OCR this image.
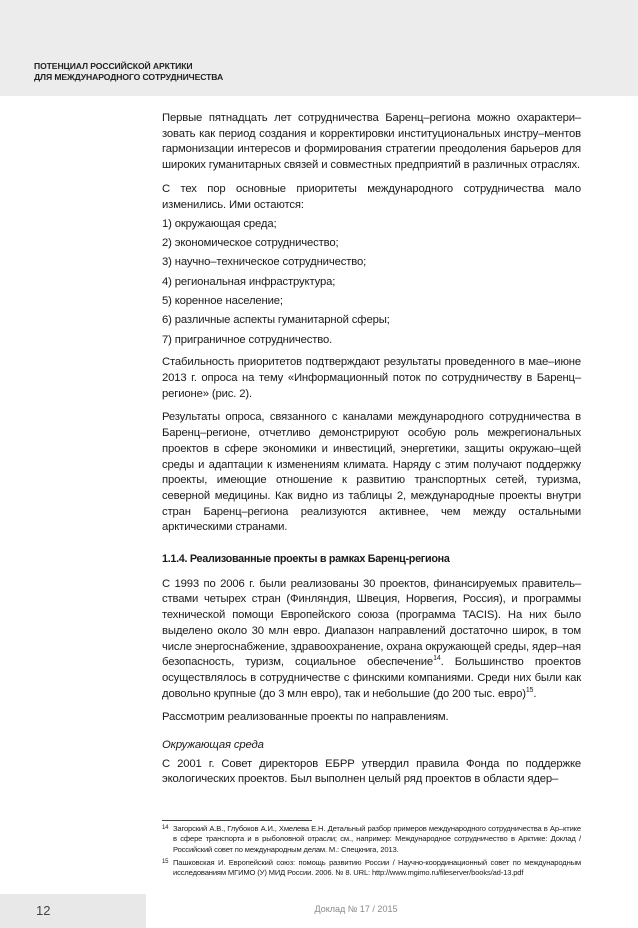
ПОТЕНЦИАЛ РОССИЙСКОЙ АРКТИКИ
ДЛЯ МЕЖДУНАРОДНОГО СОТРУДНИЧЕСТВА

Первые пятнадцать лет сотрудничества Баренц–региона можно охарактери–зовать как период создания и корректировки институциональных инстру–ментов гармонизации интересов и формирования стратегии преодоления барьеров для широких гуманитарных связей и совместных предприятий в различных отраслях.

С тех пор основные приоритеты международного сотрудничества мало изменились. Ими остаются:

1) окружающая среда;
2) экономическое сотрудничество;
3) научно–техническое сотрудничество;
4) региональная инфраструктура;
5) коренное население;
6) различные аспекты гуманитарной сферы;
7) приграничное сотрудничество.

Стабильность приоритетов подтверждают результаты проведенного в мае–июне 2013 г. опроса на тему «Информационный поток по сотрудничеству в Баренц–регионе» (рис. 2).

Результаты опроса, связанного с каналами международного сотрудничества в Баренц–регионе, отчетливо демонстрируют особую роль межрегиональных проектов в сфере экономики и инвестиций, энергетики, защиты окружаю–щей среды и адаптации к изменениям климата. Наряду с этим получают поддержку проекты, имеющие отношение к развитию транспортных сетей, туризма, северной медицины. Как видно из таблицы 2, международные проекты внутри стран Баренц–региона реализуются активнее, чем между остальными арктическими странами.

1.1.4. Реализованные проекты в рамках Баренц-региона

С 1993 по 2006 г. были реализованы 30 проектов, финансируемых правитель–ствами четырех стран (Финляндия, Швеция, Норвегия, Россия), и программы технической помощи Европейского союза (программа TACIS). На них было выделено около 30 млн евро. Диапазон направлений достаточно широк, в том числе энергоснабжение, здравоохранение, охрана окружающей среды, ядер–ная безопасность, туризм, социальное обеспечение$^{14}$. Большинство проектов осуществлялось в сотрудничестве с финскими компаниями. Среди них были как довольно крупные (до 3 млн евро), так и небольшие (до 200 тыс. евро)$^{15}$.

Рассмотрим реализованные проекты по направлениям.

Окружающая среда

С 2001 г. Совет директоров ЕБРР утвердил правила Фонда по поддержке экологических проектов. Был выполнен целый ряд проектов в области ядер–

14 Загорский А.В., Глубоков А.И., Хмелева Е.Н. Детальный разбор примеров международного сотрудничества в Ар–ктике в сфере транспорта и в рыболовной отрасли; см., например: Международное сотрудничество в Арктике: Доклад / Российский совет по международным делам. М.: Спецкнига, 2013.
15 Пашковская И. Европейский союз: помощь развитию России / Научно-координационный совет по международным исследованиям МГИМО (У) МИД России. 2006. № 8. URL: http://www.mgimo.ru/fileserver/books/ad-13.pdf
12	Доклад № 17 / 2015
